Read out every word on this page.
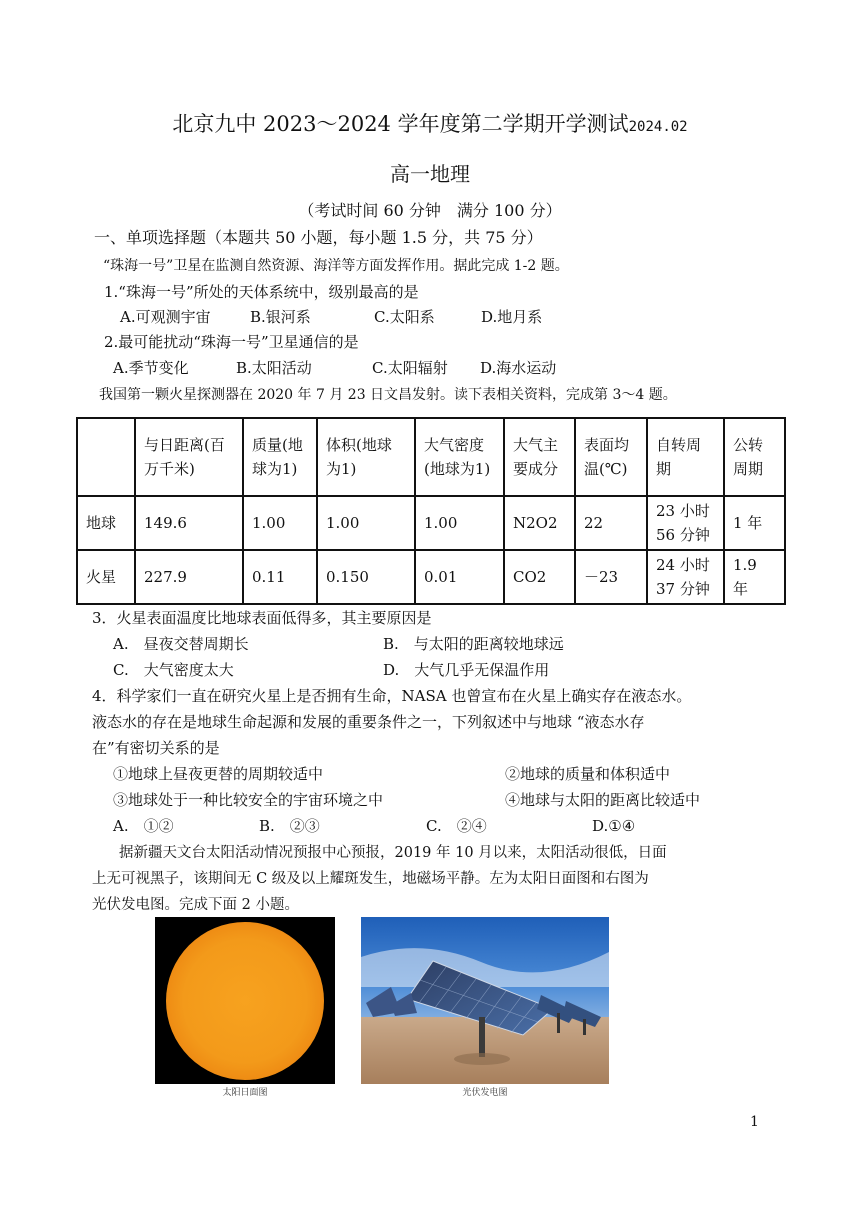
北京九中 2023～2024 学年度第二学期开学测试2024.02
高一地理
（考试时间 60 分钟　满分 100 分）
一、单项选择题（本题共 50 小题，每小题 1.5 分，共 75 分）
“珠海一号”卫星在监测自然资源、海洋等方面发挥作用。据此完成 1-2 题。
1.“珠海一号”所处的天体系统中，级别最高的是
A.可观测宇宙	B.银河系	C.太阳系	D.地月系
2.最可能扰动“珠海一号”卫星通信的是
A.季节变化	B.太阳活动	C.太阳辐射 D.海水运动
我国第一颗火星探测器在 2020 年 7 月 23 日文昌发射。读下表相关资料，完成第 3～4 题。
	与日距离(百万千米)	质量(地球为1)	体积(地球为1)	大气密度(地球为1)	大气主要成分	表面均温(℃)	自转周期	公转周期
地球	149.6	1.00	1.00	1.00	N2O2	22	23 小时 56 分钟	1 年
火星	227.9	0.11	0.150	0.01	CO2	－23	24 小时 37 分钟	1.9 年
3．火星表面温度比地球表面低得多，其主要原因是
A.　昼夜交替周期长	B.　与太阳的距离较地球远
C.　大气密度太大	D.　大气几乎无保温作用
4．科学家们一直在研究火星上是否拥有生命，NASA 也曾宣布在火星上确实存在液态水。
液态水的存在是地球生命起源和发展的重要条件之一，下列叙述中与地球 “液态水存
在”有密切关系的是
①地球上昼夜更替的周期较适中	②地球的质量和体积适中
③地球处于一种比较安全的宇宙环境之中	④地球与太阳的距离比较适中
A.　①②	B.　②③	C.　②④	D.①④
据新疆天文台太阳活动情况预报中心预报，2019 年 10 月以来，太阳活动很低，日面
上无可视黑子，该期间无 C 级及以上耀斑发生，地磁场平静。左为太阳日面图和右图为
光伏发电图。完成下面 2 小题。
太阳日面图	光伏发电图
1
